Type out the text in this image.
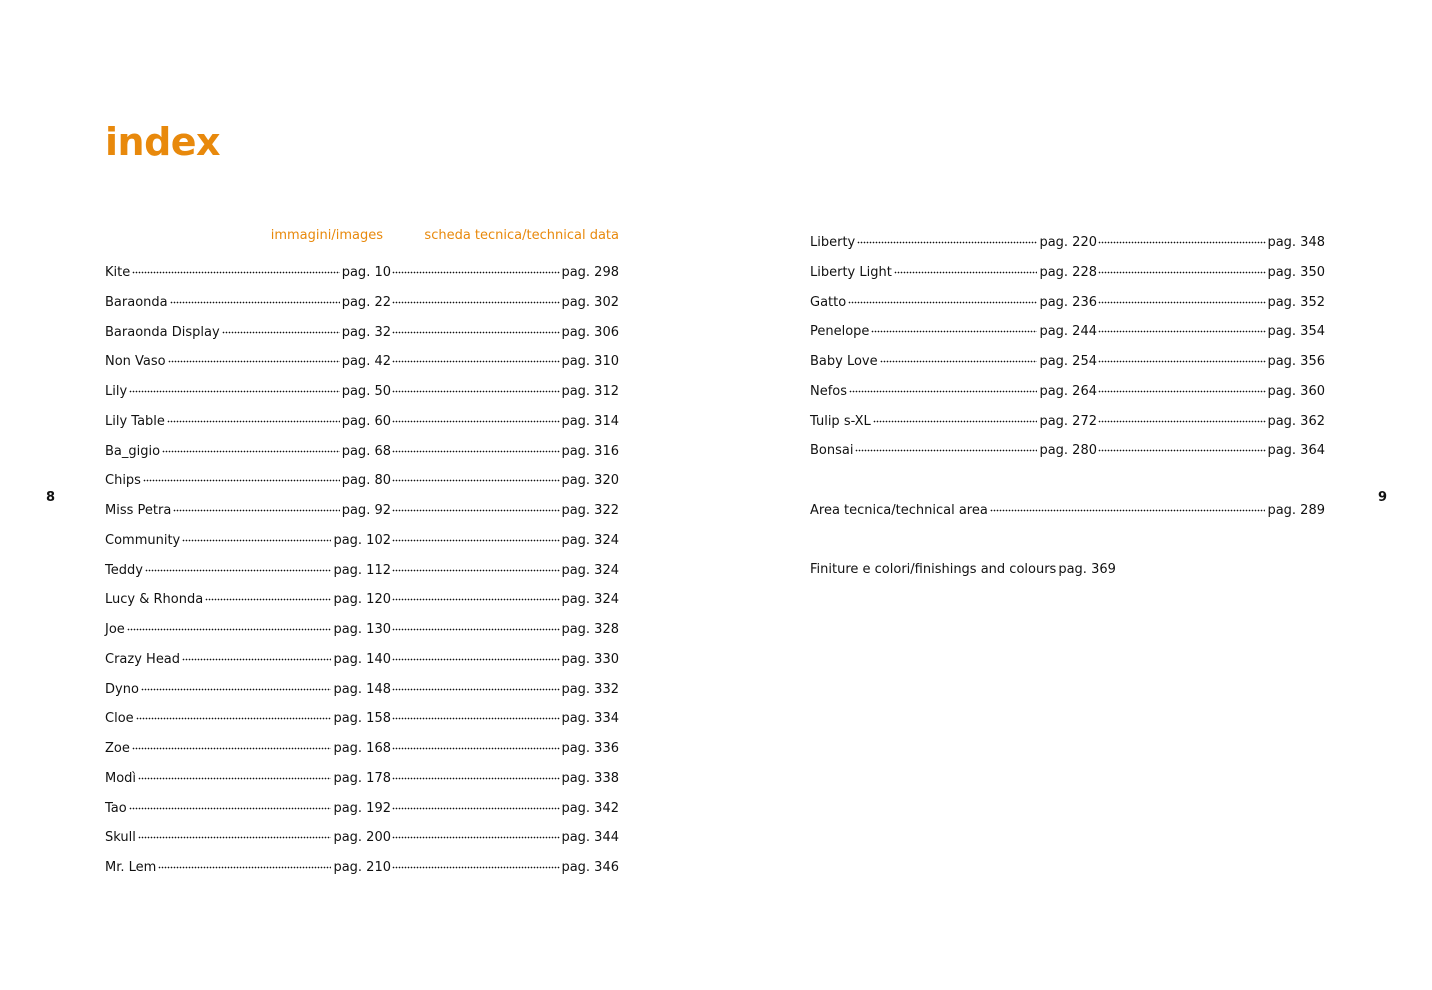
index
8	9
immagini/images	scheda tecnica/technical data
Kite	pag. 10	pag. 298
Baraonda	pag. 22	pag. 302
Baraonda Display	pag. 32	pag. 306
Non Vaso	pag. 42	pag. 310
Lily	pag. 50	pag. 312
Lily Table	pag. 60	pag. 314
Ba_gigio	pag. 68	pag. 316
Chips	pag. 80	pag. 320
Miss Petra	pag. 92	pag. 322
Community	pag. 102	pag. 324
Teddy	pag. 112	pag. 324
Lucy & Rhonda	pag. 120	pag. 324
Joe	pag. 130	pag. 328
Crazy Head	pag. 140	pag. 330
Dyno	pag. 148	pag. 332
Cloe	pag. 158	pag. 334
Zoe	pag. 168	pag. 336
Modì	pag. 178	pag. 338
Tao	pag. 192	pag. 342
Skull	pag. 200	pag. 344
Mr. Lem	pag. 210	pag. 346
Liberty	pag. 220	pag. 348
Liberty Light	pag. 228	pag. 350
Gatto	pag. 236	pag. 352
Penelope	pag. 244	pag. 354
Baby Love	pag. 254	pag. 356
Nefos	pag. 264	pag. 360
Tulip s-XL	pag. 272	pag. 362
Bonsai	pag. 280	pag. 364
Area tecnica/technical area	pag. 289
Finiture e colori/finishings and colours pag. 369
